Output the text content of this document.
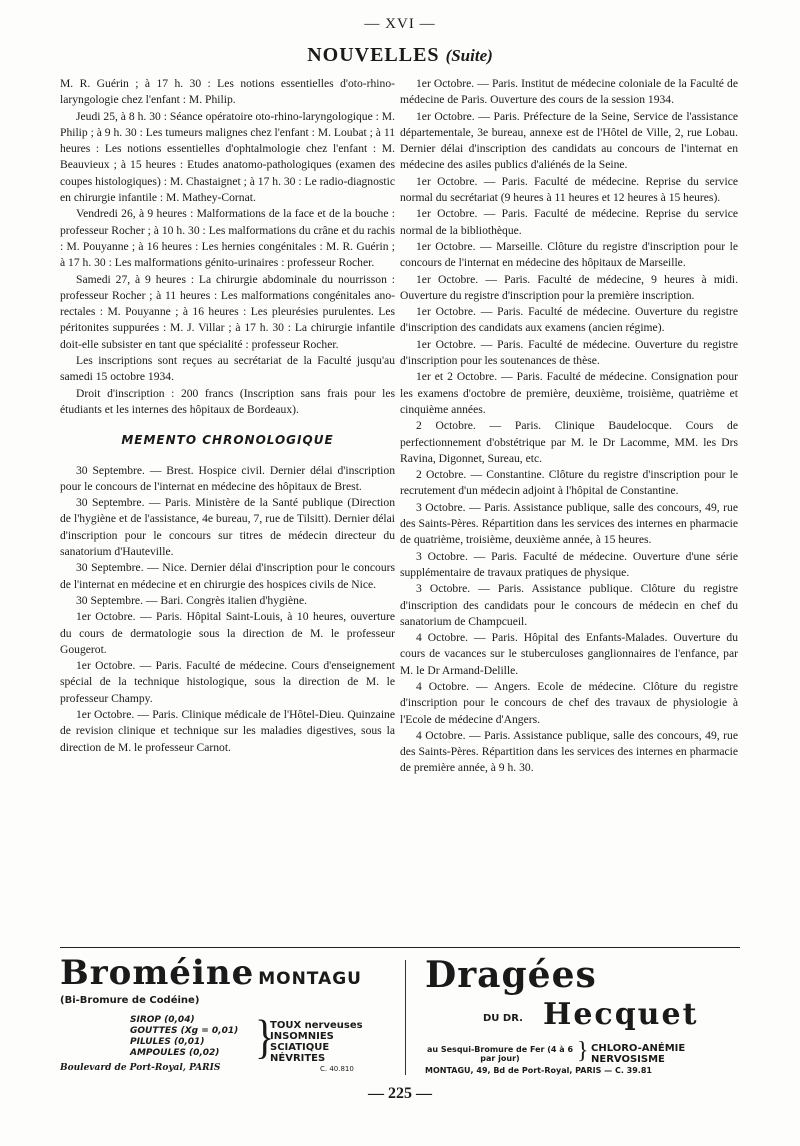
— XVI —
NOUVELLES (Suite)

M. R. Guérin ; à 17 h. 30 : Les notions essentielles d'oto-rhino-laryngologie chez l'enfant : M. Philip.

Jeudi 25, à 8 h. 30 : Séance opératoire oto-rhino-laryngologique : M. Philip ; à 9 h. 30 : Les tumeurs malignes chez l'enfant : M. Loubat ; à 11 heures : Les notions essentielles d'ophtalmologie chez l'enfant : M. Beauvieux ; à 15 heures : Etudes anatomo-pathologiques (examen des coupes histologiques) : M. Chastaignet ; à 17 h. 30 : Le radio-diagnostic en chirurgie infantile : M. Mathey-Cornat.

Vendredi 26, à 9 heures : Malformations de la face et de la bouche : professeur Rocher ; à 10 h. 30 : Les malformations du crâne et du rachis : M. Pouyanne ; à 16 heures : Les hernies congénitales : M. R. Guérin ; à 17 h. 30 : Les malformations génito-urinaires : professeur Rocher.

Samedi 27, à 9 heures : La chirurgie abdominale du nourrisson : professeur Rocher ; à 11 heures : Les malformations congénitales ano-rectales : M. Pouyanne ; à 16 heures : Les pleurésies purulentes. Les péritonites suppurées : M. J. Villar ; à 17 h. 30 : La chirurgie infantile doit-elle subsister en tant que spécialité : professeur Rocher.

Les inscriptions sont reçues au secrétariat de la Faculté jusqu'au samedi 15 octobre 1934.

Droit d'inscription : 200 francs (Inscription sans frais pour les étudiants et les internes des hôpitaux de Bordeaux).

MEMENTO CHRONOLOGIQUE

30 Septembre. — Brest. Hospice civil. Dernier délai d'inscription pour le concours de l'internat en médecine des hôpitaux de Brest.

30 Septembre. — Paris. Ministère de la Santé publique (Direction de l'hygiène et de l'assistance, 4e bureau, 7, rue de Tilsitt). Dernier délai d'inscription pour le concours sur titres de médecin directeur du sanatorium d'Hauteville.

30 Septembre. — Nice. Dernier délai d'inscription pour le concours de l'internat en médecine et en chirurgie des hospices civils de Nice.

30 Septembre. — Bari. Congrès italien d'hygiène.

1er Octobre. — Paris. Hôpital Saint-Louis, à 10 heures, ouverture du cours de dermatologie sous la direction de M. le professeur Gougerot.

1er Octobre. — Paris. Faculté de médecine. Cours d'enseignement spécial de la technique histologique, sous la direction de M. le professeur Champy.

1er Octobre. — Paris. Clinique médicale de l'Hôtel-Dieu. Quinzaine de revision clinique et technique sur les maladies digestives, sous la direction de M. le professeur Carnot.

1er Octobre. — Paris. Institut de médecine coloniale de la Faculté de médecine de Paris. Ouverture des cours de la session 1934.

1er Octobre. — Paris. Préfecture de la Seine, Service de l'assistance départementale, 3e bureau, annexe est de l'Hôtel de Ville, 2, rue Lobau. Dernier délai d'inscription des candidats au concours de l'internat en médecine des asiles publics d'aliénés de la Seine.

1er Octobre. — Paris. Faculté de médecine. Reprise du service normal du secrétariat (9 heures à 11 heures et 12 heures à 15 heures).

1er Octobre. — Paris. Faculté de médecine. Reprise du service normal de la bibliothèque.

1er Octobre. — Marseille. Clôture du registre d'inscription pour le concours de l'internat en médecine des hôpitaux de Marseille.

1er Octobre. — Paris. Faculté de médecine, 9 heures à midi. Ouverture du registre d'inscription pour la première inscription.

1er Octobre. — Paris. Faculté de médecine. Ouverture du registre d'inscription des candidats aux examens (ancien régime).

1er Octobre. — Paris. Faculté de médecine. Ouverture du registre d'inscription pour les soutenances de thèse.

1er et 2 Octobre. — Paris. Faculté de médecine. Consignation pour les examens d'octobre de première, deuxième, troisième, quatrième et cinquième années.

2 Octobre. — Paris. Clinique Baudelocque. Cours de perfectionnement d'obstétrique par M. le Dr Lacomme, MM. les Drs Ravina, Digonnet, Sureau, etc.

2 Octobre. — Constantine. Clôture du registre d'inscription pour le recrutement d'un médecin adjoint à l'hôpital de Constantine.

3 Octobre. — Paris. Assistance publique, salle des concours, 49, rue des Saints-Pères. Répartition dans les services des internes en pharmacie de quatrième, troisième, deuxième année, à 15 heures.

3 Octobre. — Paris. Faculté de médecine. Ouverture d'une série supplémentaire de travaux pratiques de physique.

3 Octobre. — Paris. Assistance publique. Clôture du registre d'inscription des candidats pour le concours de médecin en chef du sanatorium de Champcueil.

4 Octobre. — Paris. Hôpital des Enfants-Malades. Ouverture du cours de vacances sur le stuberculoses ganglionnaires de l'enfance, par M. le Dr Armand-Delille.

4 Octobre. — Angers. Ecole de médecine. Clôture du registre d'inscription pour le concours de chef des travaux de physiologie à l'Ecole de médecine d'Angers.

4 Octobre. — Paris. Assistance publique, salle des concours, 49, rue des Saints-Pères. Répartition dans les services des internes en pharmacie de première année, à 9 h. 30.

Broméine MONTAGU
(Bi-Bromure de Codéine)
SIROP (0,04)
GOUTTES (Xg = 0,01)
PILULES (0,01)
AMPOULES (0,02) }
TOUX nerveuses
INSOMNIES
SCIATIQUE
NÉVRITES
Boulevard de Port-Royal, PARIS	C. 40.810
Dragées
DU DR. Hecquet
au Sesqui-Bromure de Fer (4 à 6 par jour)	} CHLORO-ANÉMIE
NERVOSISME
MONTAGU, 49, Bd de Port-Royal, PARIS — C. 39.81
— 225 —
